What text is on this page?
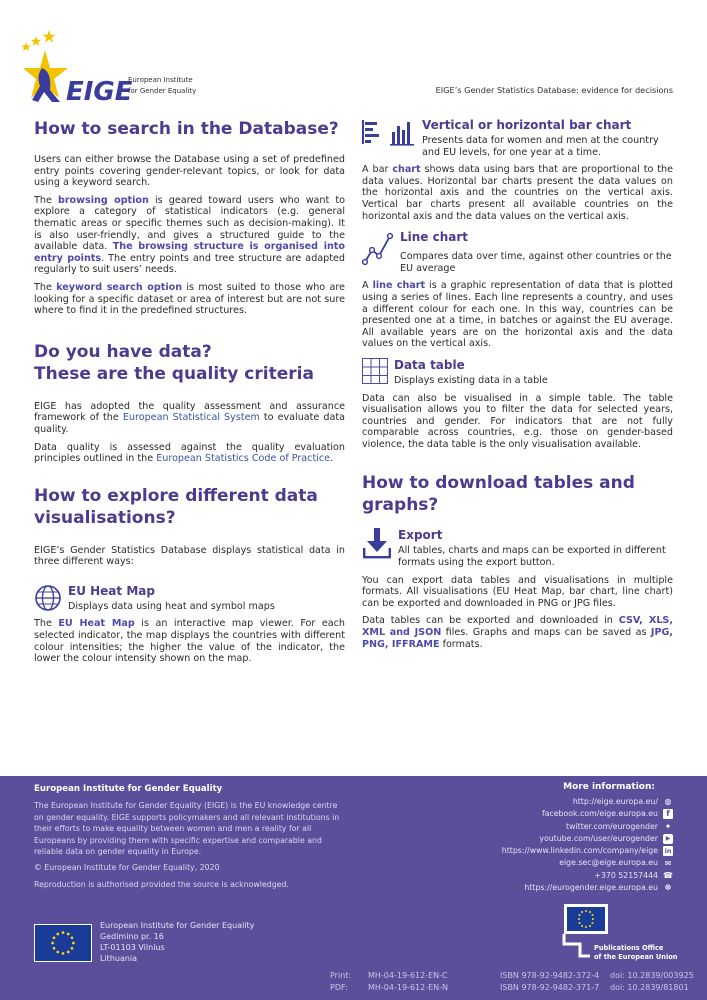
EIGE
European Institute
for Gender Equality	EIGE’s Gender Statistics Database: evidence for decisions
How to search in the Database?

Users can either browse the Database using a set of predefined entry points covering gender-relevant topics, or look for data using a keyword search.

The browsing option is geared toward users who want to explore a category of statistical indicators (e.g. general thematic areas or specific themes such as decision-making). It is also user-friendly, and gives a structured guide to the available data. The browsing structure is organised into entry points. The entry points and tree structure are adapted regularly to suit users’ needs.

The keyword search option is most suited to those who are looking for a specific dataset or area of interest but are not sure where to find it in the predefined structures.

Do you have data?
These are the quality criteria

EIGE has adopted the quality assessment and assurance framework of the European Statistical System to evaluate data quality.

Data quality is assessed against the quality evaluation principles outlined in the European Statistics Code of Practice.

How to explore different data visualisations?

EIGE’s Gender Statistics Database displays statistical data in three different ways:

EU Heat Map
Displays data using heat and symbol maps

The EU Heat Map is an interactive map viewer. For each selected indicator, the map displays the countries with different colour intensities; the higher the value of the indicator, the lower the colour intensity shown on the map.

Vertical or horizontal bar chart
Presents data for women and men at the country and EU levels, for one year at a time.

A bar chart shows data using bars that are proportional to the data values. Horizontal bar charts present the data values on the horizontal axis and the countries on the vertical axis. Vertical bar charts present all available countries on the horizontal axis and the data values on the vertical axis.

Line chart
Compares data over time, against other countries or the EU average

A line chart is a graphic representation of data that is plotted using a series of lines. Each line represents a country, and uses a different colour for each one. In this way, countries can be presented one at a time, in batches or against the EU average. All available years are on the horizontal axis and the data values on the vertical axis.

Data table
Displays existing data in a table

Data can also be visualised in a simple table. The table visualisation allows you to filter the data for selected years, countries and gender. For indicators that are not fully comparable across countries, e.g. those on gender-based violence, the data table is the only visualisation available.

How to download tables and graphs?
Export
All tables, charts and maps can be exported in different formats using the export button.

You can export data tables and visualisations in multiple formats. All visualisations (EU Heat Map, bar chart, line chart) can be exported and downloaded in PNG or JPG files.

Data tables can be exported and downloaded in CSV, XLS, XML and JSON files. Graphs and maps can be saved as JPG, PNG, IFFRAME formats.

European Institute for Gender Equality
The European Institute for Gender Equality (EIGE) is the EU knowledge centre on gender equality. EIGE supports policymakers and all relevant institutions in their efforts to make equality between women and men a reality for all Europeans by providing them with specific expertise and comparable and reliable data on gender equality in Europe.
© European Institute for Gender Equality, 2020
Reproduction is authorised provided the source is acknowledged.
More information:
http://eige.europa.eu/ ◍
facebook.com/eige.europa.eu	f
twitter.com/eurogender ✦
youtube.com/user/eurogender	▶
https://www.linkedin.com/company/eige in
eige.sec@eige.europa.eu ✉
+370 52157444 ☎
https://eurogender.eige.europa.eu ☸
European Institute for Gender Equality
Gedimino pr. 16
LT-01103 Vilnius
Lithuania
Publications Office
of the European Union
Print:	MH-04-19-612-EN-C	ISBN 978-92-9482-372-4	doi: 10.2839/003925
PDF:	MH-04-19-612-EN-N	ISBN 978-92-9482-371-7	doi: 10.2839/81801
